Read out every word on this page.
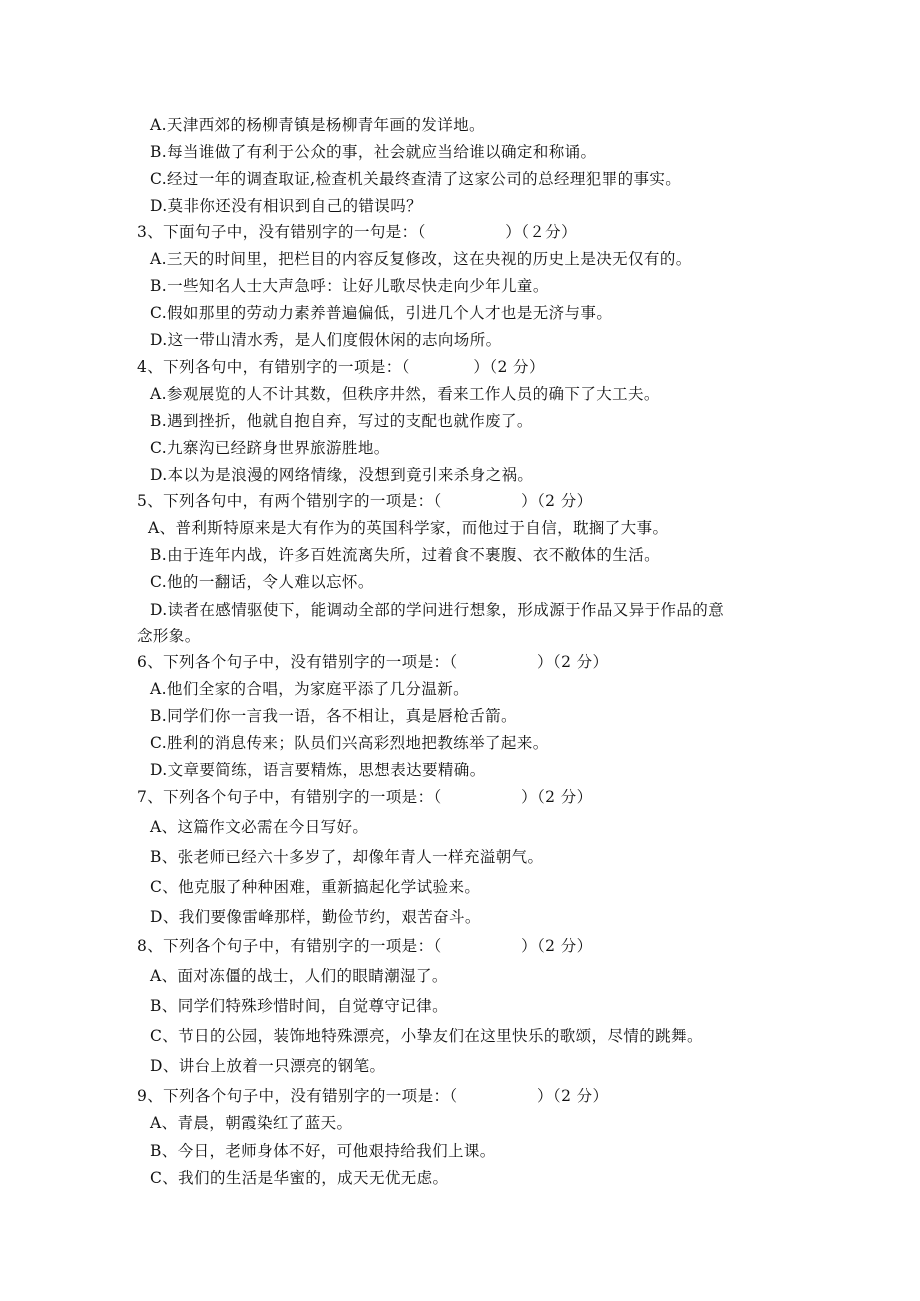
A.天津西郊的杨柳青镇是杨柳青年画的发详地。
B.每当谁做了有利于公众的事，社会就应当给谁以确定和称诵。
C.经过一年的调查取证,检查机关最终查清了这家公司的总经理犯罪的事实。
D.莫非你还没有相识到自己的错误吗？
3、下面句子中，没有错别字的一句是：（　　　　　）（２分）
A.三天的时间里，把栏目的内容反复修改，这在央视的历史上是决无仅有的。
B.一些知名人士大声急呼：让好儿歌尽快走向少年儿童。
C.假如那里的劳动力素养普遍偏低，引进几个人才也是无济与事。
D.这一带山清水秀，是人们度假休闲的志向场所。
4、下列各句中，有错别字的一项是：（　　　　）（2 分）
A.参观展览的人不计其数，但秩序井然，看来工作人员的确下了大工夫。
B.遇到挫折，他就自抱自弃，写过的支配也就作废了。
C.九寨沟已经跻身世界旅游胜地。
D.本以为是浪漫的网络情缘，没想到竟引来杀身之祸。
5、下列各句中，有两个错别字的一项是：（　　　　　）（2 分）
A、普利斯特原来是大有作为的英国科学家，而他过于自信，耽搁了大事。
B.由于连年内战，许多百姓流离失所，过着食不裹腹、衣不敝体的生活。
C.他的一翻话，令人难以忘怀。
D.读者在感情驱使下，能调动全部的学问进行想象，形成源于作品又异于作品的意
念形象。
6、下列各个句子中，没有错别字的一项是：（　　　　　）（2 分）
A.他们全家的合唱，为家庭平添了几分温新。
B.同学们你一言我一语，各不相让，真是唇枪舌箭。
C.胜利的消息传来；队员们兴高彩烈地把教练举了起来。
D.文章要简练，语言要精炼，思想表达要精确。
7、下列各个句子中，有错别字的一项是：（　　　　　）（2 分）
A、这篇作文必需在今日写好。
B、张老师已经六十多岁了，却像年青人一样充溢朝气。
C、他克服了种种困难，重新搞起化学试验来。
D、我们要像雷峰那样，勤俭节约，艰苦奋斗。
8、下列各个句子中，有错别字的一项是：（　　　　　）（2 分）
A、面对冻僵的战士，人们的眼睛潮湿了。
B、同学们特殊珍惜时间，自觉尊守记律。
C、节日的公园，装饰地特殊漂亮，小挚友们在这里快乐的歌颂，尽情的跳舞。
D、讲台上放着一只漂亮的钢笔。
9、下列各个句子中，没有错别字的一项是：（　　　　　）（2 分）
A、青晨，朝霞染红了蓝天。
B、今日，老师身体不好，可他艰持给我们上课。
C、我们的生活是华蜜的，成天无优无虑。
